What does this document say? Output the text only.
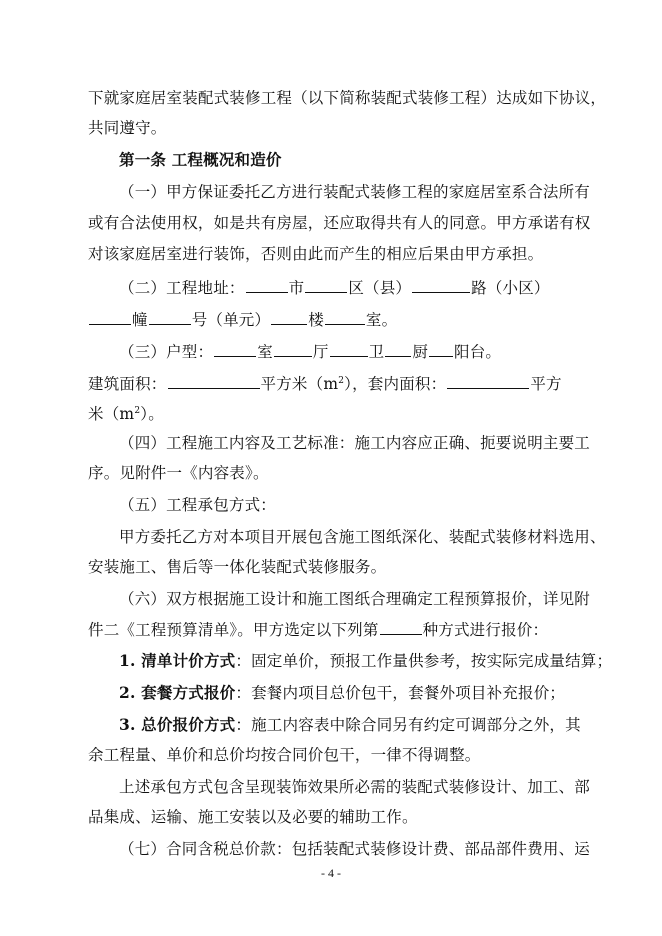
下就家庭居室装配式装修工程（以下简称装配式装修工程）达成如下协议，
共同遵守。
第一条 工程概况和造价
（一）甲方保证委托乙方进行装配式装修工程的家庭居室系合法所有
或有合法使用权，如是共有房屋，还应取得共有人的同意。甲方承诺有权
对该家庭居室进行装饰，否则由此而产生的相应后果由甲方承担。
（二）工程地址：	市	区（县）	路（小区）
幢	号（单元） 楼	室。
（三）户型：	室	厅	卫 厨 阳台。
建筑面积：	平方米$(m^2)$，套内面积：	平方
米$(m^2)$。
（四）工程施工内容及工艺标准：施工内容应正确、扼要说明主要工
序。见附件一《内容表》。
（五）工程承包方式：
甲方委托乙方对本项目开展包含施工图纸深化、装配式装修材料选用、
安装施工、售后等一体化装配式装修服务。
（六）双方根据施工设计和施工图纸合理确定工程预算报价，详见附
件二《工程预算清单》。甲方选定以下列第	种方式进行报价：
1. 清单计价方式：固定单价，预报工作量供参考，按实际完成量结算；
2. 套餐方式报价：套餐内项目总价包干，套餐外项目补充报价；
3. 总价报价方式：施工内容表中除合同另有约定可调部分之外，其
余工程量、单价和总价均按合同价包干，一律不得调整。
上述承包方式包含呈现装饰效果所必需的装配式装修设计、加工、部
品集成、运输、施工安装以及必要的辅助工作。
（七）合同含税总价款：包括装配式装修设计费、部品部件费用、运
- 4 -
